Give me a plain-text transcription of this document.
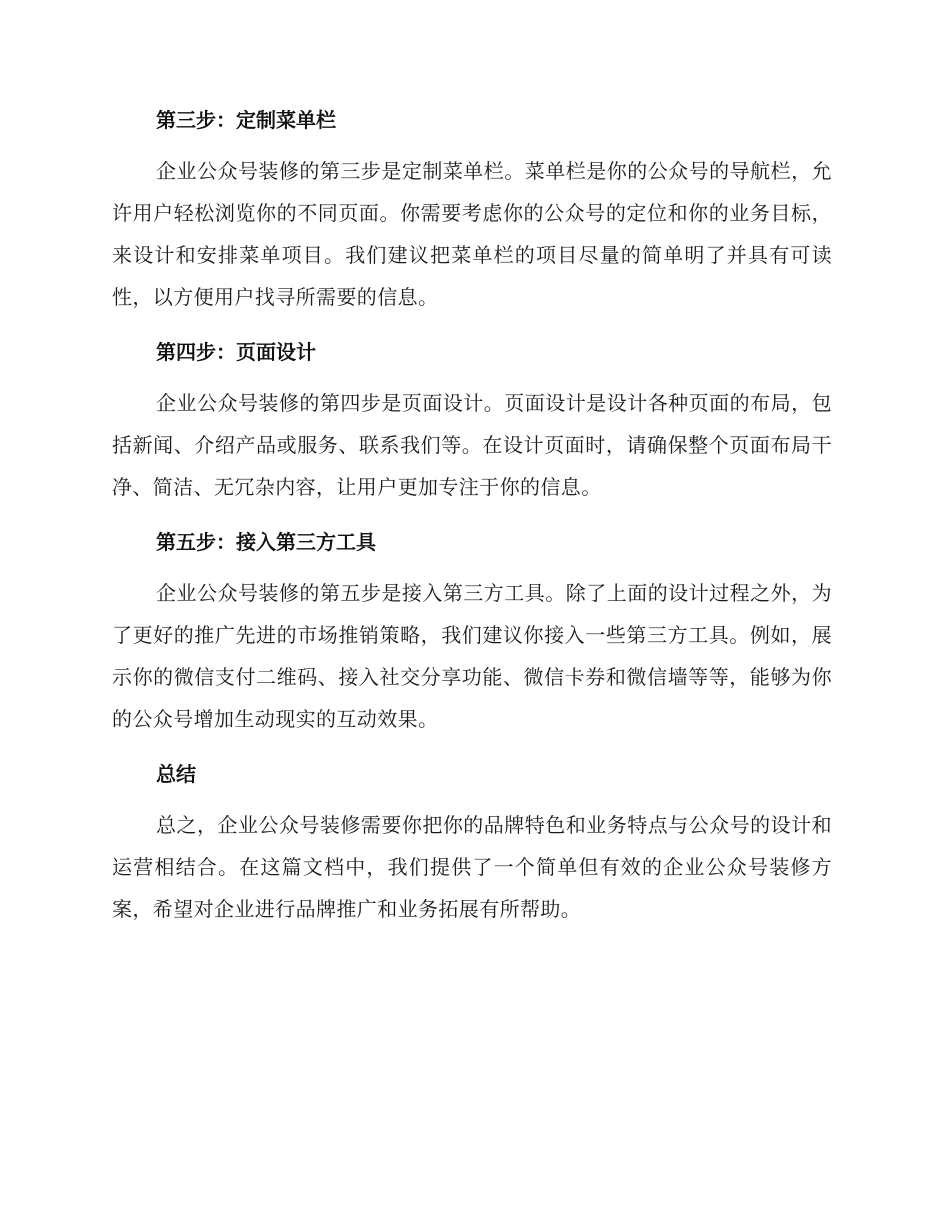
第三步：定制菜单栏

企业公众号装修的第三步是定制菜单栏。菜单栏是你的公众号的导航栏，允许用户轻松浏览你的不同页面。你需要考虑你的公众号的定位和你的业务目标，来设计和安排菜单项目。我们建议把菜单栏的项目尽量的简单明了并具有可读性，以方便用户找寻所需要的信息。

第四步：页面设计

企业公众号装修的第四步是页面设计。页面设计是设计各种页面的布局，包括新闻、介绍产品或服务、联系我们等。在设计页面时，请确保整个页面布局干净、简洁、无冗杂内容，让用户更加专注于你的信息。

第五步：接入第三方工具

企业公众号装修的第五步是接入第三方工具。除了上面的设计过程之外，为了更好的推广先进的市场推销策略，我们建议你接入一些第三方工具。例如，展示你的微信支付二维码、接入社交分享功能、微信卡券和微信墙等等，能够为你的公众号增加生动现实的互动效果。

总结

总之，企业公众号装修需要你把你的品牌特色和业务特点与公众号的设计和运营相结合。在这篇文档中，我们提供了一个简单但有效的企业公众号装修方案，希望对企业进行品牌推广和业务拓展有所帮助。
